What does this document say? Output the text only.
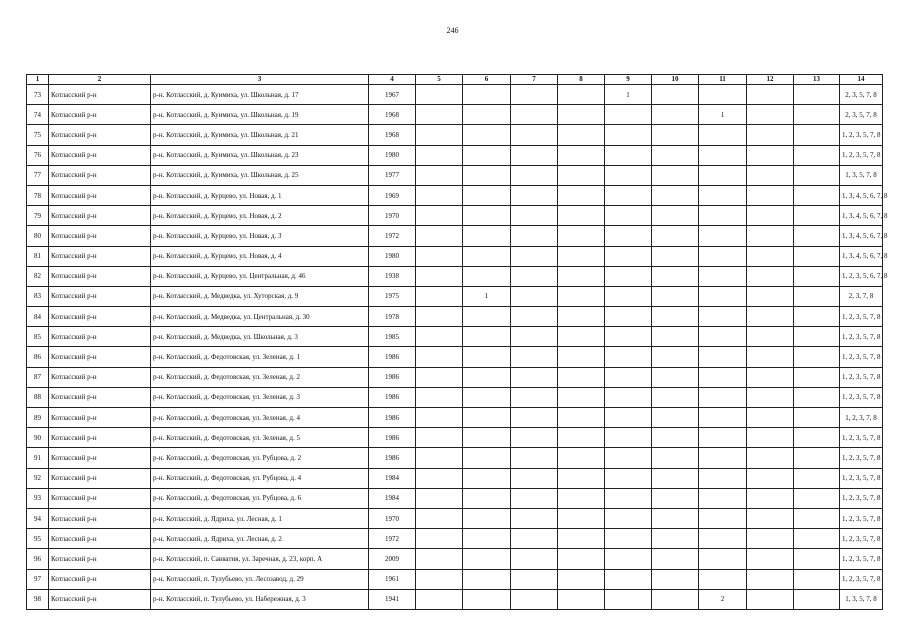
246
1	2	3	4	5	6	7	8	9	10	11	12	13	14
73	Котласский р-н	р-н. Котласский, д. Куимиха, ул. Школьная, д. 17	1967					1					2, 3, 5, 7, 8
74	Котласский р-н	р-н. Котласский, д. Куимиха, ул. Школьная, д. 19	1968							1			2, 3, 5, 7, 8
75	Котласский р-н	р-н. Котласский, д. Куимиха, ул. Школьная, д. 21	1968										1, 2, 3, 5, 7, 8
76	Котласский р-н	р-н. Котласский, д. Куимиха, ул. Школьная, д. 23	1980										1, 2, 3, 5, 7, 8
77	Котласский р-н	р-н. Котласский, д. Куимиха, ул. Школьная, д. 25	1977										1, 3, 5, 7, 8
78	Котласский р-н	р-н. Котласский, д. Курцево, ул. Новая, д. 1	1969										1, 3, 4, 5, 6, 7, 8
79	Котласский р-н	р-н. Котласский, д. Курцево, ул. Новая, д. 2	1970										1, 3, 4, 5, 6, 7, 8
80	Котласский р-н	р-н. Котласский, д. Курцево, ул. Новая, д. 3	1972										1, 3, 4, 5, 6, 7, 8
81	Котласский р-н	р-н. Котласский, д. Курцево, ул. Новая, д. 4	1980										1, 3, 4, 5, 6, 7, 8
82	Котласский р-н	р-н. Котласский, д. Курцево, ул. Центральная, д. 46	1938										1, 2, 3, 5, 6, 7, 8
83	Котласский р-н	р-н. Котласский, д. Медведка, ул. Хуторская, д. 9	1975		1								2, 3, 7, 8
84	Котласский р-н	р-н. Котласский, д. Медведка, ул. Центральная, д. 30	1978										1, 2, 3, 5, 7, 8
85	Котласский р-н	р-н. Котласский, д. Медведка, ул. Школьная, д. 3	1985										1, 2, 3, 5, 7, 8
86	Котласский р-н	р-н. Котласский, д. Федотовская, ул. Зеленая, д. 1	1986										1, 2, 3, 5, 7, 8
87	Котласский р-н	р-н. Котласский, д. Федотовская, ул. Зеленая, д. 2	1986										1, 2, 3, 5, 7, 8
88	Котласский р-н	р-н. Котласский, д. Федотовская, ул. Зеленая, д. 3	1986										1, 2, 3, 5, 7, 8
89	Котласский р-н	р-н. Котласский, д. Федотовская, ул. Зеленая, д. 4	1986										1, 2, 3, 7, 8
90	Котласский р-н	р-н. Котласский, д. Федотовская, ул. Зеленая, д. 5	1986										1, 2, 3, 5, 7, 8
91	Котласский р-н	р-н. Котласский, д. Федотовская, ул. Рубцова, д. 2	1986										1, 2, 3, 5, 7, 8
92	Котласский р-н	р-н. Котласский, д. Федотовская, ул. Рубцова, д. 4	1984										1, 2, 3, 5, 7, 8
93	Котласский р-н	р-н. Котласский, д. Федотовская, ул. Рубцова, д. 6	1984										1, 2, 3, 5, 7, 8
94	Котласский р-н	р-н. Котласский, д. Ядриха, ул. Лесная, д. 1	1970										1, 2, 3, 5, 7, 8
95	Котласский р-н	р-н. Котласский, д. Ядриха, ул. Лесная, д. 2	1972										1, 2, 3, 5, 7, 8
96	Котласский р-н	р-н. Котласский, п. Савватия, ул. Заречная, д. 23, корп. А	2009										1, 2, 3, 5, 7, 8
97	Котласский р-н	р-н. Котласский, п. Тулубьево, ул. Лесозавод, д. 29	1961										1, 2, 3, 5, 7, 8
98	Котласский р-н	р-н. Котласский, п. Тулубьево, ул. Набережная, д. 3	1941							2			1, 3, 5, 7, 8
